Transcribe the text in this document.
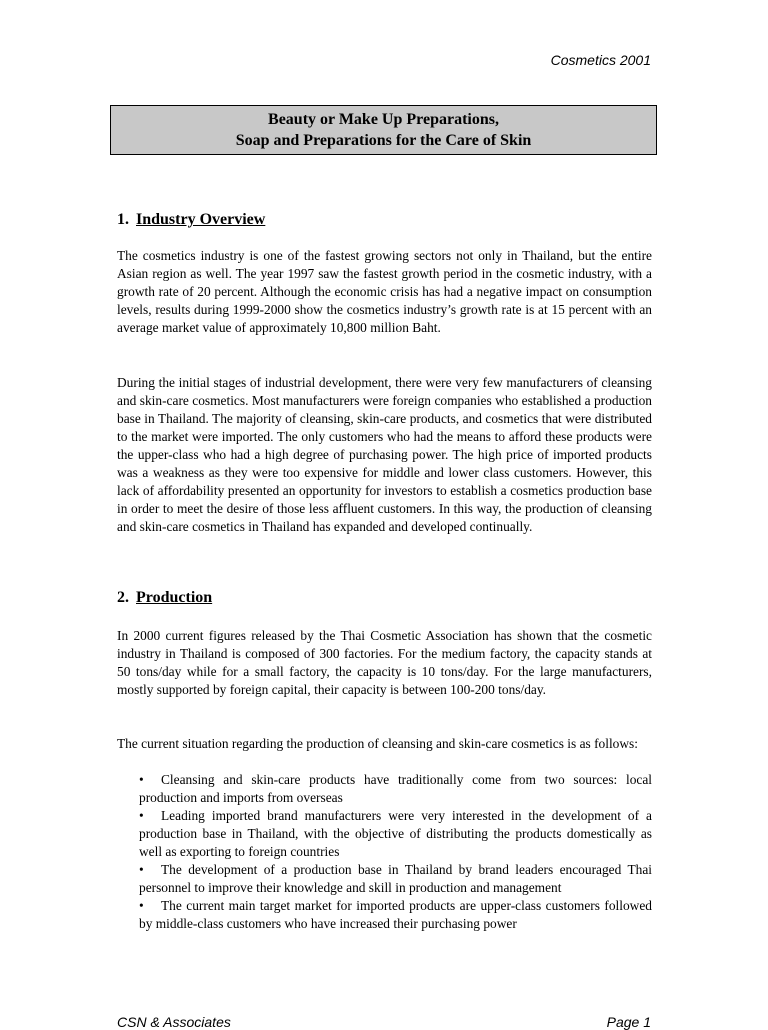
Cosmetics 2001
Beauty or Make Up Preparations,
Soap and Preparations for the Care of Skin
1. Industry Overview

The cosmetics industry is one of the fastest growing sectors not only in Thailand, but the entire Asian region as well. The year 1997 saw the fastest growth period in the cosmetic industry, with a growth rate of 20 percent. Although the economic crisis has had a negative impact on consumption levels, results during 1999-2000 show the cosmetics industry’s growth rate is at 15 percent with an average market value of approximately 10,800 million Baht.

During the initial stages of industrial development, there were very few manufacturers of cleansing and skin-care cosmetics. Most manufacturers were foreign companies who established a production base in Thailand. The majority of cleansing, skin-care products, and cosmetics that were distributed to the market were imported. The only customers who had the means to afford these products were the upper-class who had a high degree of purchasing power. The high price of imported products was a weakness as they were too expensive for middle and lower class customers. However, this lack of affordability presented an opportunity for investors to establish a cosmetics production base in order to meet the desire of those less affluent customers. In this way, the production of cleansing and skin-care cosmetics in Thailand has expanded and developed continually.

2. Production

In 2000 current figures released by the Thai Cosmetic Association has shown that the cosmetic industry in Thailand is composed of 300 factories. For the medium factory, the capacity stands at 50 tons/day while for a small factory, the capacity is 10 tons/day. For the large manufacturers, mostly supported by foreign capital, their capacity is between 100-200 tons/day.

The current situation regarding the production of cleansing and skin-care cosmetics is as follows:

•	Cleansing and skin-care products have traditionally come from two sources: local production and imports from overseas
•	Leading imported brand manufacturers were very interested in the development of a production base in Thailand, with the objective of distributing the products domestically as well as exporting to foreign countries
•	The development of a production base in Thailand by brand leaders encouraged Thai personnel to improve their knowledge and skill in production and management
•	The current main target market for imported products are upper-class customers followed by middle-class customers who have increased their purchasing power
CSN & Associates	Page 1
